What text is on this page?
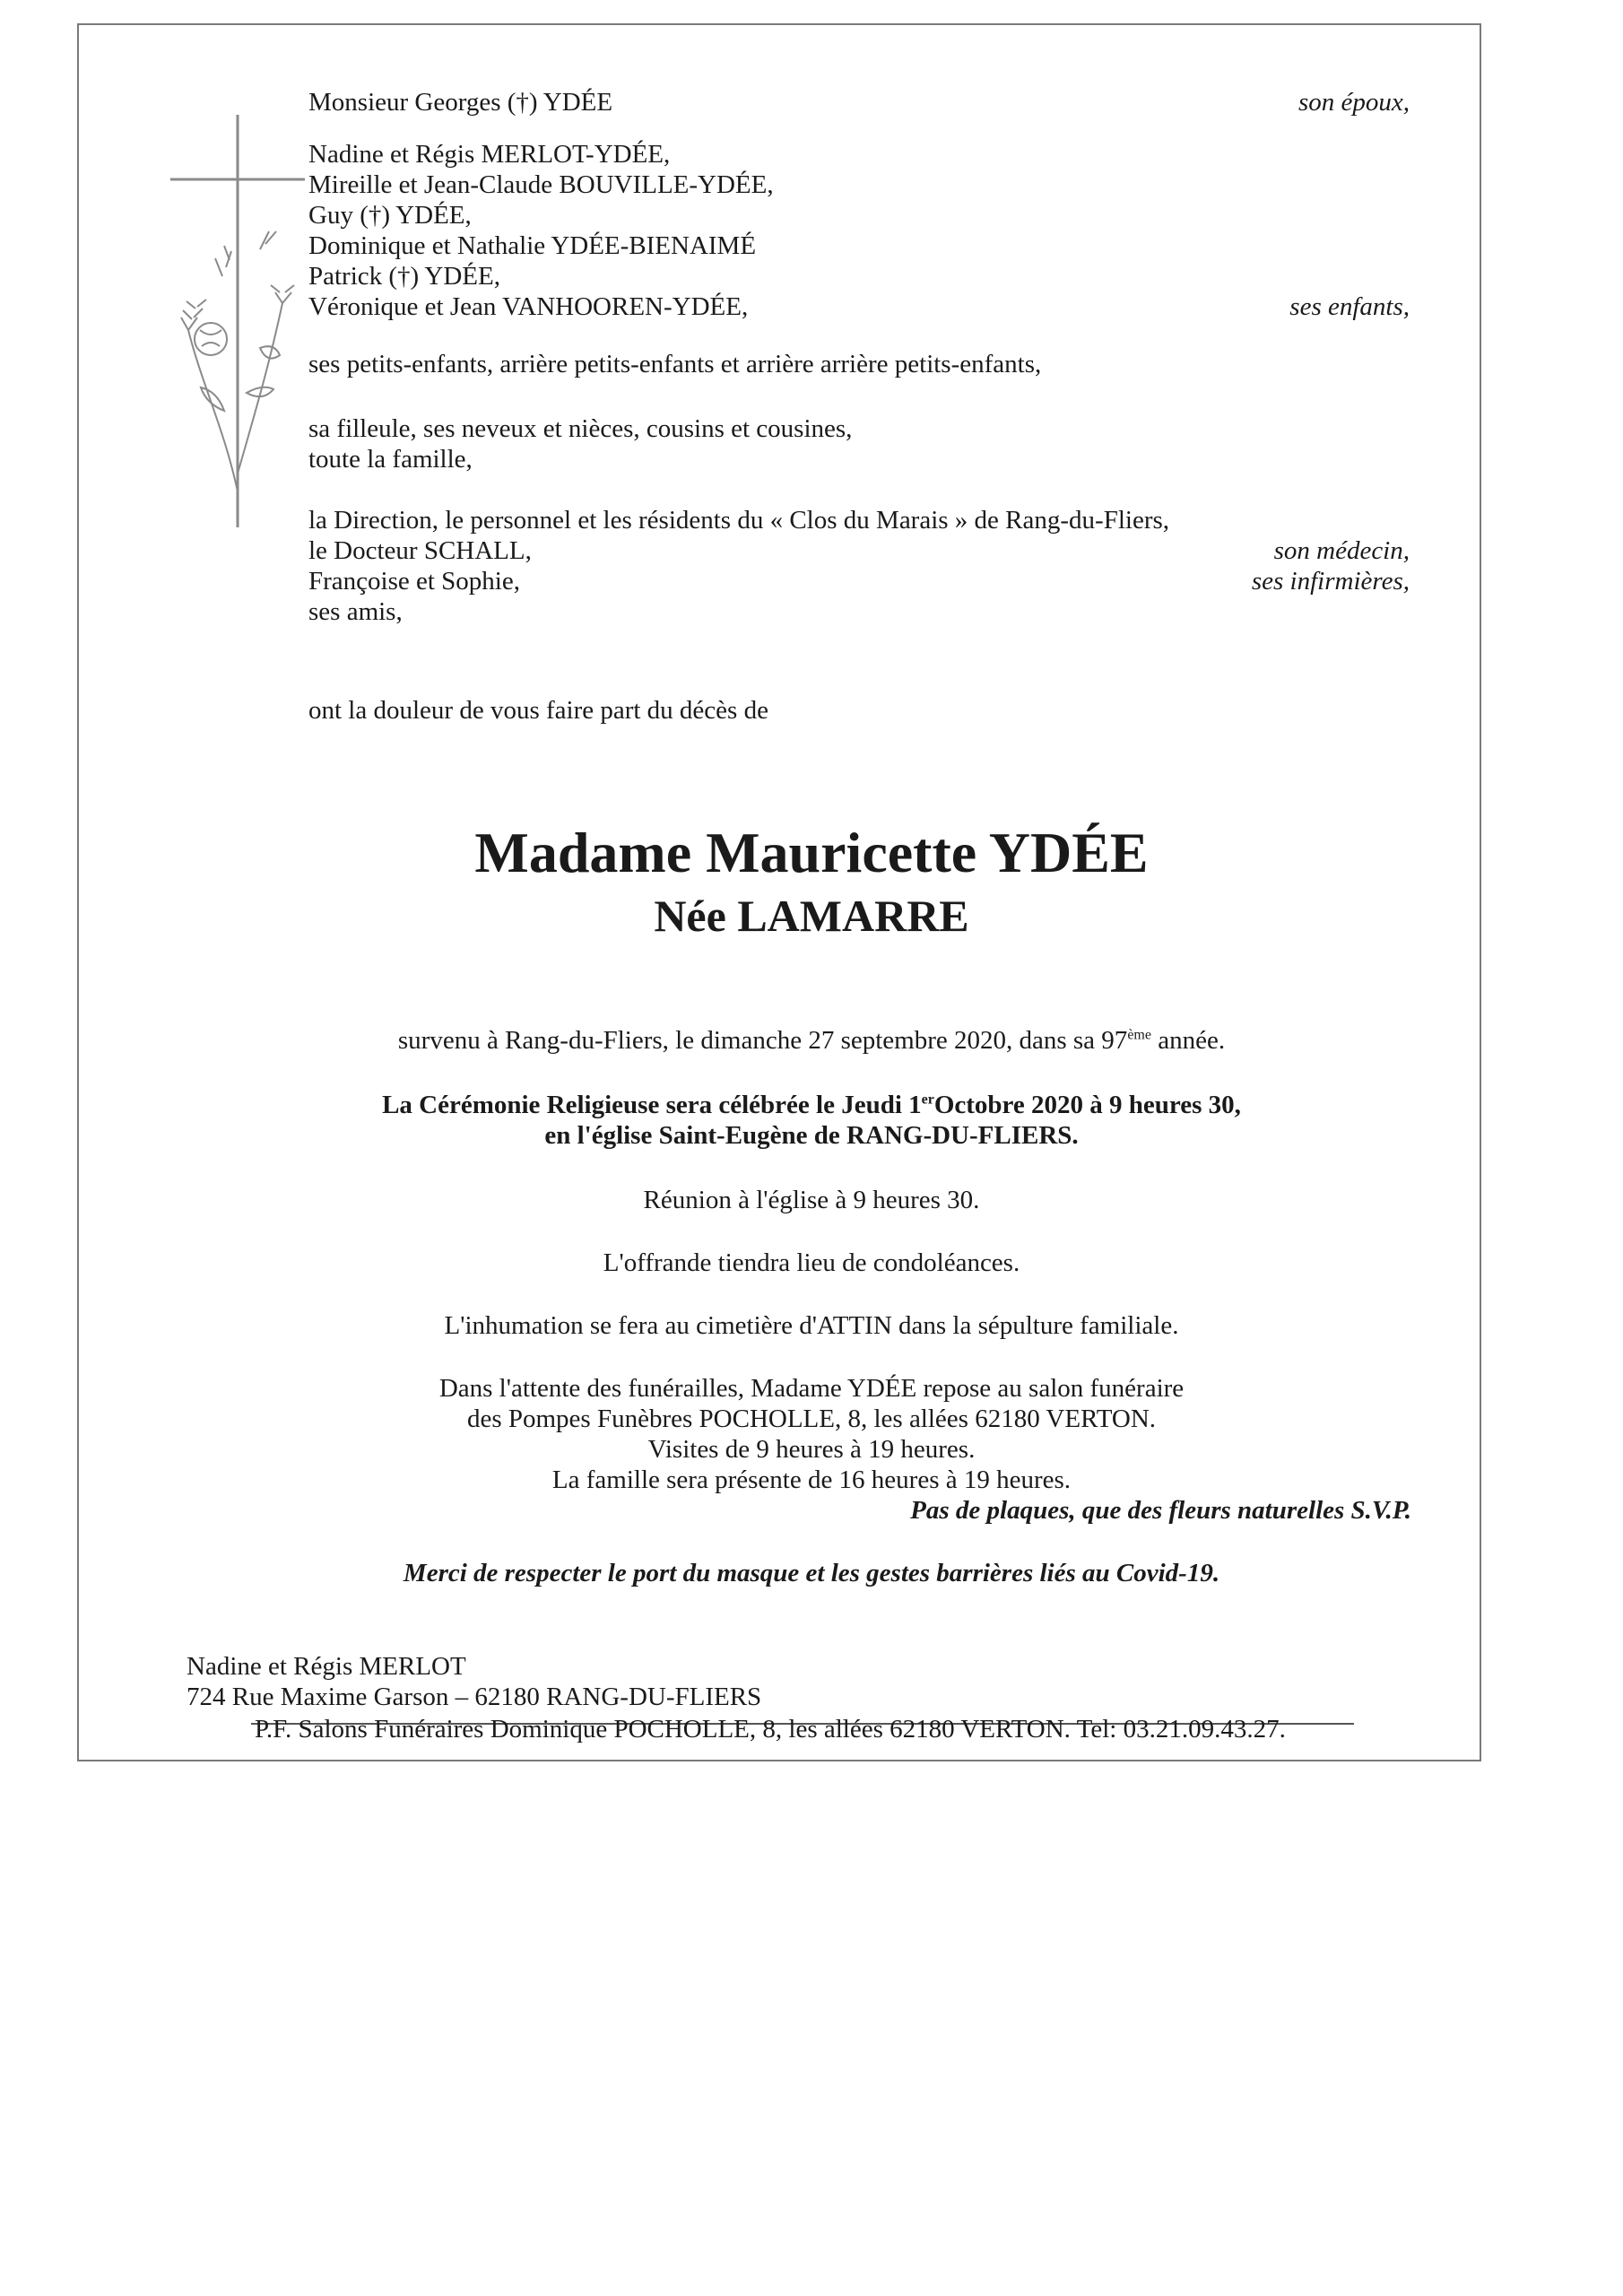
Monsieur Georges (†) YDÉE
Nadine et Régis MERLOT-YDÉE,
Mireille et Jean-Claude BOUVILLE-YDÉE,
Guy (†) YDÉE,
Dominique et Nathalie YDÉE-BIENAIMÉ
Patrick (†) YDÉE,
Véronique et Jean VANHOOREN-YDÉE,
ses petits-enfants, arrière petits-enfants et arrière arrière petits-enfants,
sa filleule, ses neveux et nièces, cousins et cousines,
toute la famille,
la Direction, le personnel et les résidents du « Clos du Marais » de Rang-du-Fliers,
le Docteur SCHALL,
Françoise et Sophie,
ses amis,
son époux,
ses enfants,
son médecin,
ses infirmières,
ont la douleur de vous faire part du décès de
Madame Mauricette YDÉE
Née LAMARRE
survenu à Rang-du-Fliers, le dimanche 27 septembre 2020, dans sa 97ème année.
La Cérémonie Religieuse sera célébrée le Jeudi 1erOctobre 2020 à 9 heures 30,
en l'église Saint-Eugène de RANG-DU-FLIERS.
Réunion à l'église à 9 heures 30.
L'offrande tiendra lieu de condoléances.
L'inhumation se fera au cimetière d'ATTIN dans la sépulture familiale.
Dans l'attente des funérailles, Madame YDÉE repose au salon funéraire
des Pompes Funèbres POCHOLLE, 8, les allées 62180 VERTON.
Visites de 9 heures à 19 heures.
La famille sera présente de 16 heures à 19 heures.
Pas de plaques, que des fleurs naturelles S.V.P.
Merci de respecter le port du masque et les gestes barrières liés au Covid-19.
Nadine et Régis MERLOT
724 Rue Maxime Garson – 62180 RANG-DU-FLIERS
P.F. Salons Funéraires Dominique POCHOLLE, 8, les allées 62180 VERTON. Tel: 03.21.09.43.27.
